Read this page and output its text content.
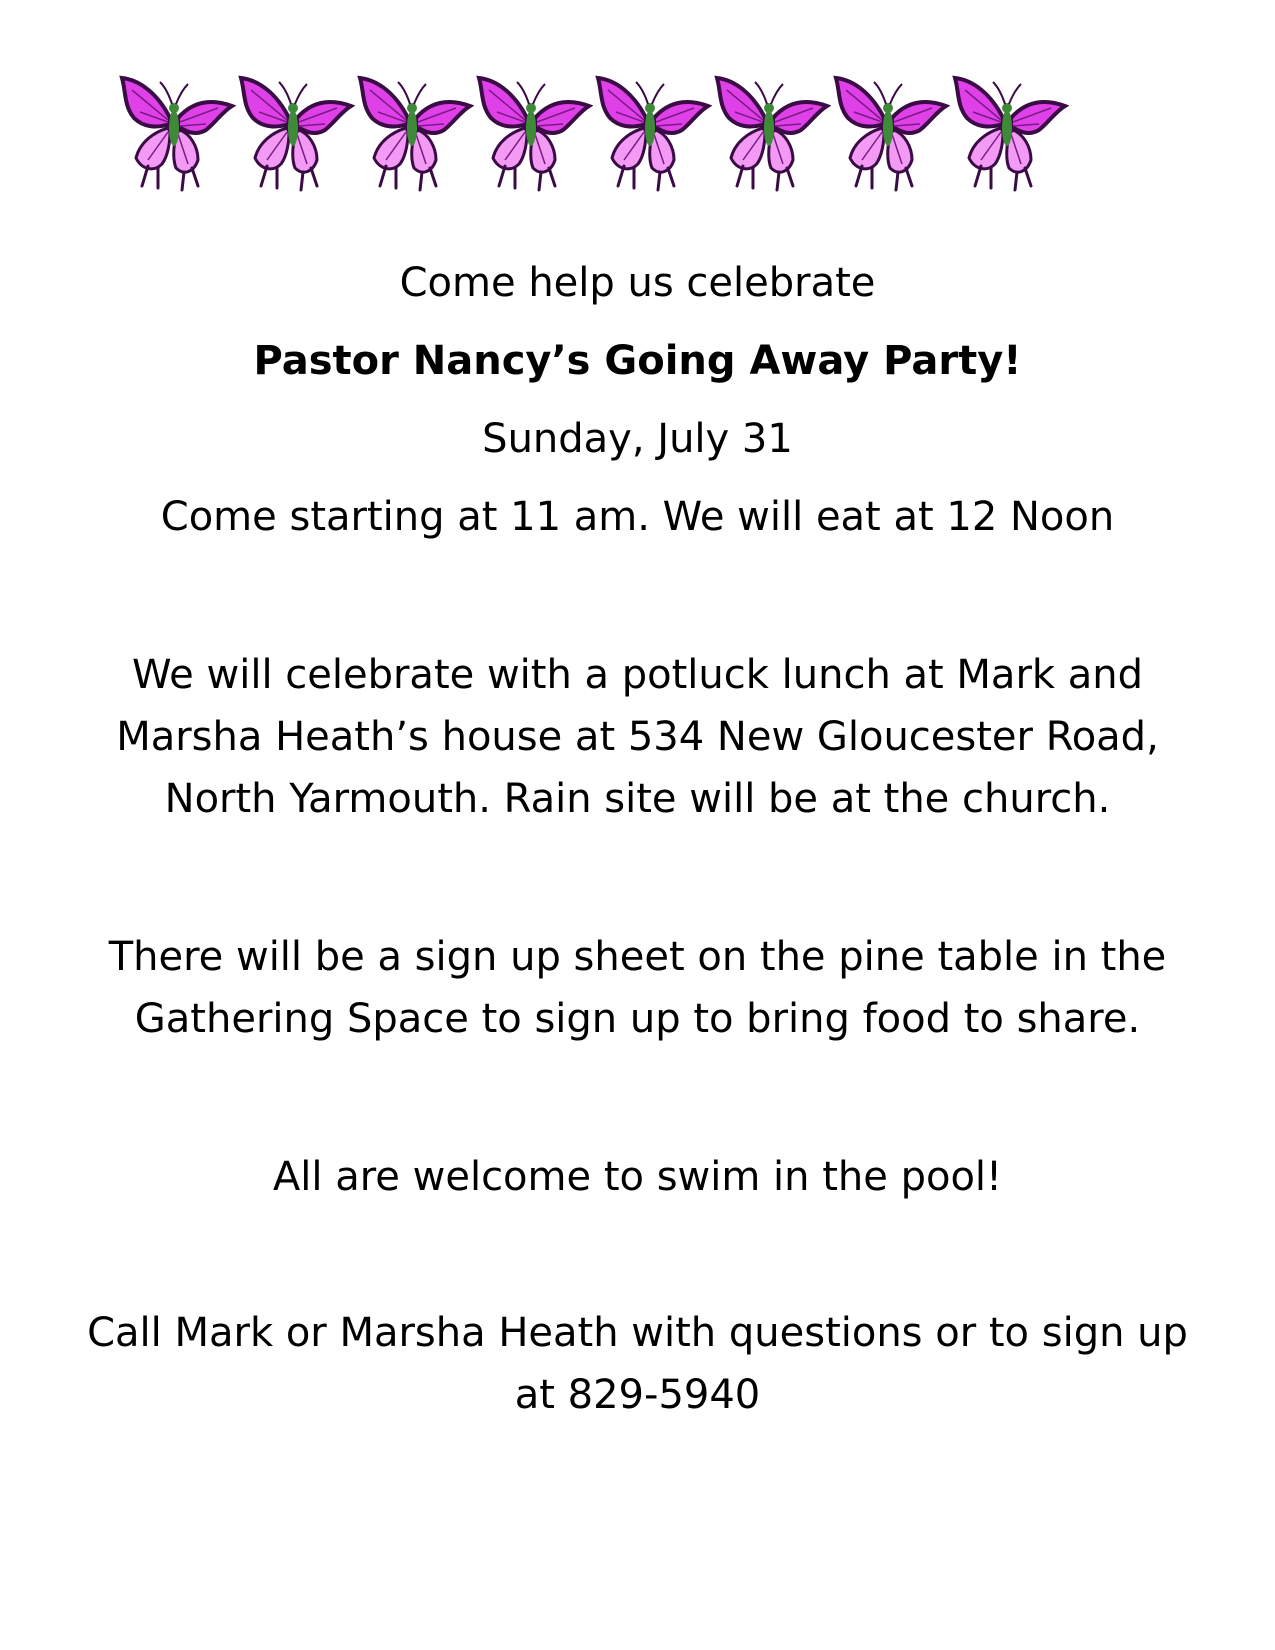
Come help us celebrate
Pastor Nancy’s Going Away Party!
Sunday, July 31
Come starting at 11 am. We will eat at 12 Noon
We will celebrate with a potluck lunch at Mark and
Marsha Heath’s house at 534 New Gloucester Road,
North Yarmouth. Rain site will be at the church.
There will be a sign up sheet on the pine table in the
Gathering Space to sign up to bring food to share.
All are welcome to swim in the pool!
Call Mark or Marsha Heath with questions or to sign up
at 829-5940
